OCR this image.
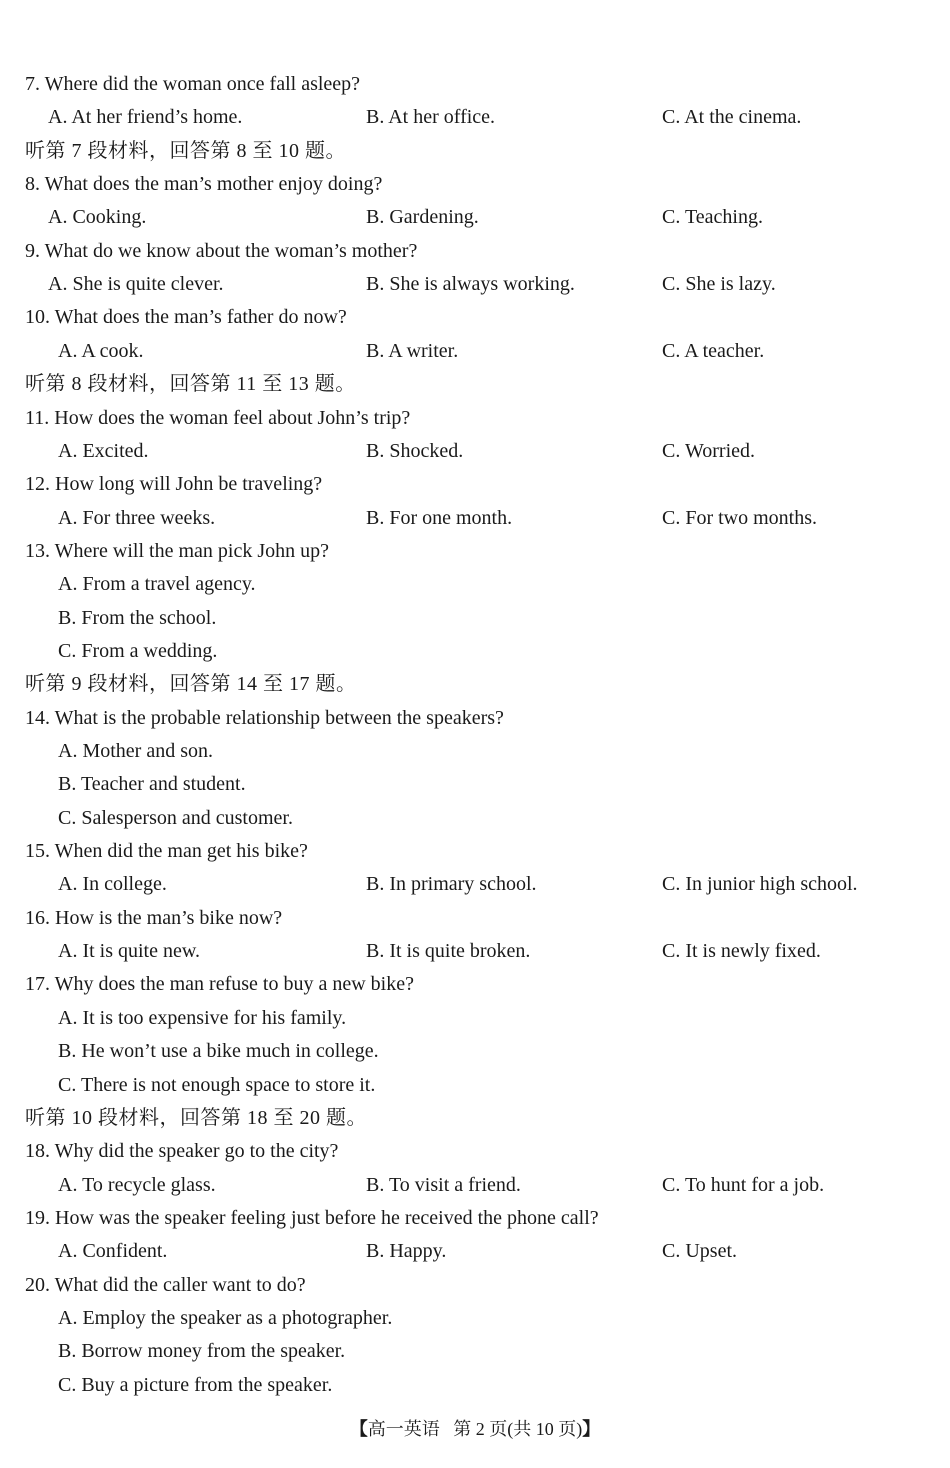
7. Where did the woman once fall asleep?
A. At her friend’s home.	B. At her office.	C. At the cinema.
听第 7 段材料，回答第 8 至 10 题。
8. What does the man’s mother enjoy doing?
A. Cooking.	B. Gardening.	C. Teaching.
9. What do we know about the woman’s mother?
A. She is quite clever.	B. She is always working.	C. She is lazy.
10. What does the man’s father do now?
A. A cook.	B. A writer.	C. A teacher.
听第 8 段材料，回答第 11 至 13 题。
11. How does the woman feel about John’s trip?
A. Excited.	B. Shocked.	C. Worried.
12. How long will John be traveling?
A. For three weeks.	B. For one month.	C. For two months.
13. Where will the man pick John up?
A. From a travel agency.
B. From the school.
C. From a wedding.
听第 9 段材料，回答第 14 至 17 题。
14. What is the probable relationship between the speakers?
A. Mother and son.
B. Teacher and student.
C. Salesperson and customer.
15. When did the man get his bike?
A. In college.	B. In primary school.	C. In junior high school.
16. How is the man’s bike now?
A. It is quite new.	B. It is quite broken.	C. It is newly fixed.
17. Why does the man refuse to buy a new bike?
A. It is too expensive for his family.
B. He won’t use a bike much in college.
C. There is not enough space to store it.
听第 10 段材料，回答第 18 至 20 题。
18. Why did the speaker go to the city?
A. To recycle glass.	B. To visit a friend.	C. To hunt for a job.
19. How was the speaker feeling just before he received the phone call?
A. Confident.	B. Happy.	C. Upset.
20. What did the caller want to do?
A. Employ the speaker as a photographer.
B. Borrow money from the speaker.
C. Buy a picture from the speaker.
【高一英语 第 2 页(共 10 页)】
